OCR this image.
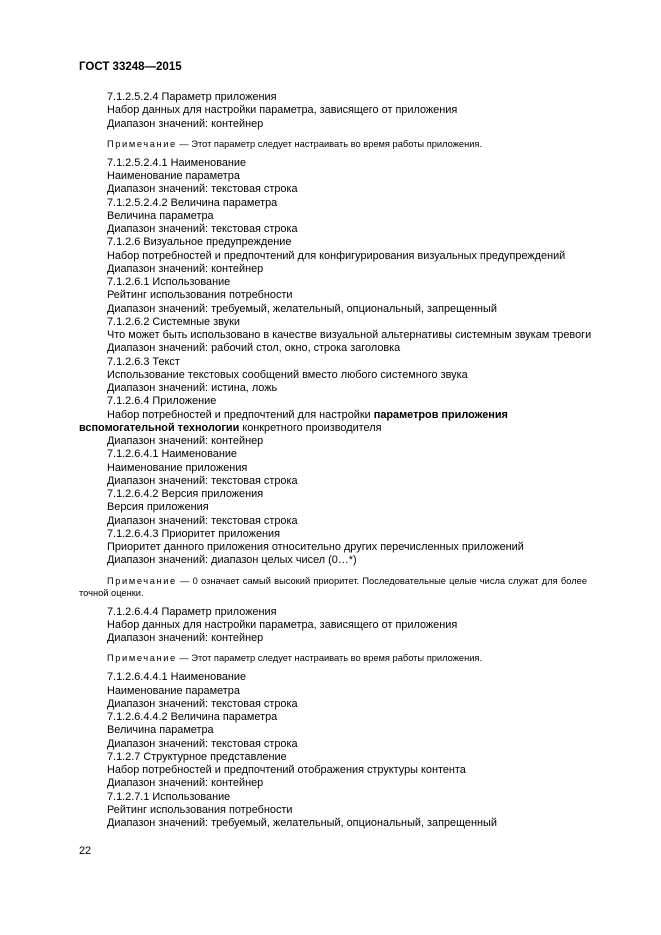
ГОСТ 33248—2015
7.1.2.5.2.4 Параметр приложения
Набор данных для настройки параметра, зависящего от приложения
Диапазон значений: контейнер
Примечание — Этот параметр следует настраивать во время работы приложения.
7.1.2.5.2.4.1 Наименование
Наименование параметра
Диапазон значений: текстовая строка
7.1.2.5.2.4.2 Величина параметра
Величина параметра
Диапазон значений: текстовая строка
7.1.2.6 Визуальное предупреждение
Набор потребностей и предпочтений для конфигурирования визуальных предупреждений
Диапазон значений: контейнер
7.1.2.6.1 Использование
Рейтинг использования потребности
Диапазон значений: требуемый, желательный, опциональный, запрещенный
7.1.2.6.2 Системные звуки
Что может быть использовано в качестве визуальной альтернативы системным звукам тревоги
Диапазон значений: рабочий стол, окно, строка заголовка
7.1.2.6.3 Текст
Использование текстовых сообщений вместо любого системного звука
Диапазон значений: истина, ложь
7.1.2.6.4 Приложение
Набор потребностей и предпочтений для настройки параметров приложения вспомогательной технологии конкретного производителя
Диапазон значений: контейнер
7.1.2.6.4.1 Наименование
Наименование приложения
Диапазон значений: текстовая строка
7.1.2.6.4.2 Версия приложения
Версия приложения
Диапазон значений: текстовая строка
7.1.2.6.4.3 Приоритет приложения
Приоритет данного приложения относительно других перечисленных приложений
Диапазон значений: диапазон целых чисел (0…*)
Примечание — 0 означает самый высокий приоритет. Последовательные целые числа служат для более точной оценки.
7.1.2.6.4.4 Параметр приложения
Набор данных для настройки параметра, зависящего от приложения
Диапазон значений: контейнер
Примечание — Этот параметр следует настраивать во время работы приложения.
7.1.2.6.4.4.1 Наименование
Наименование параметра
Диапазон значений: текстовая строка
7.1.2.6.4.4.2 Величина параметра
Величина параметра
Диапазон значений: текстовая строка
7.1.2.7 Структурное представление
Набор потребностей и предпочтений отображения структуры контента
Диапазон значений: контейнер
7.1.2.7.1 Использование
Рейтинг использования потребности
Диапазон значений: требуемый, желательный, опциональный, запрещенный
22
